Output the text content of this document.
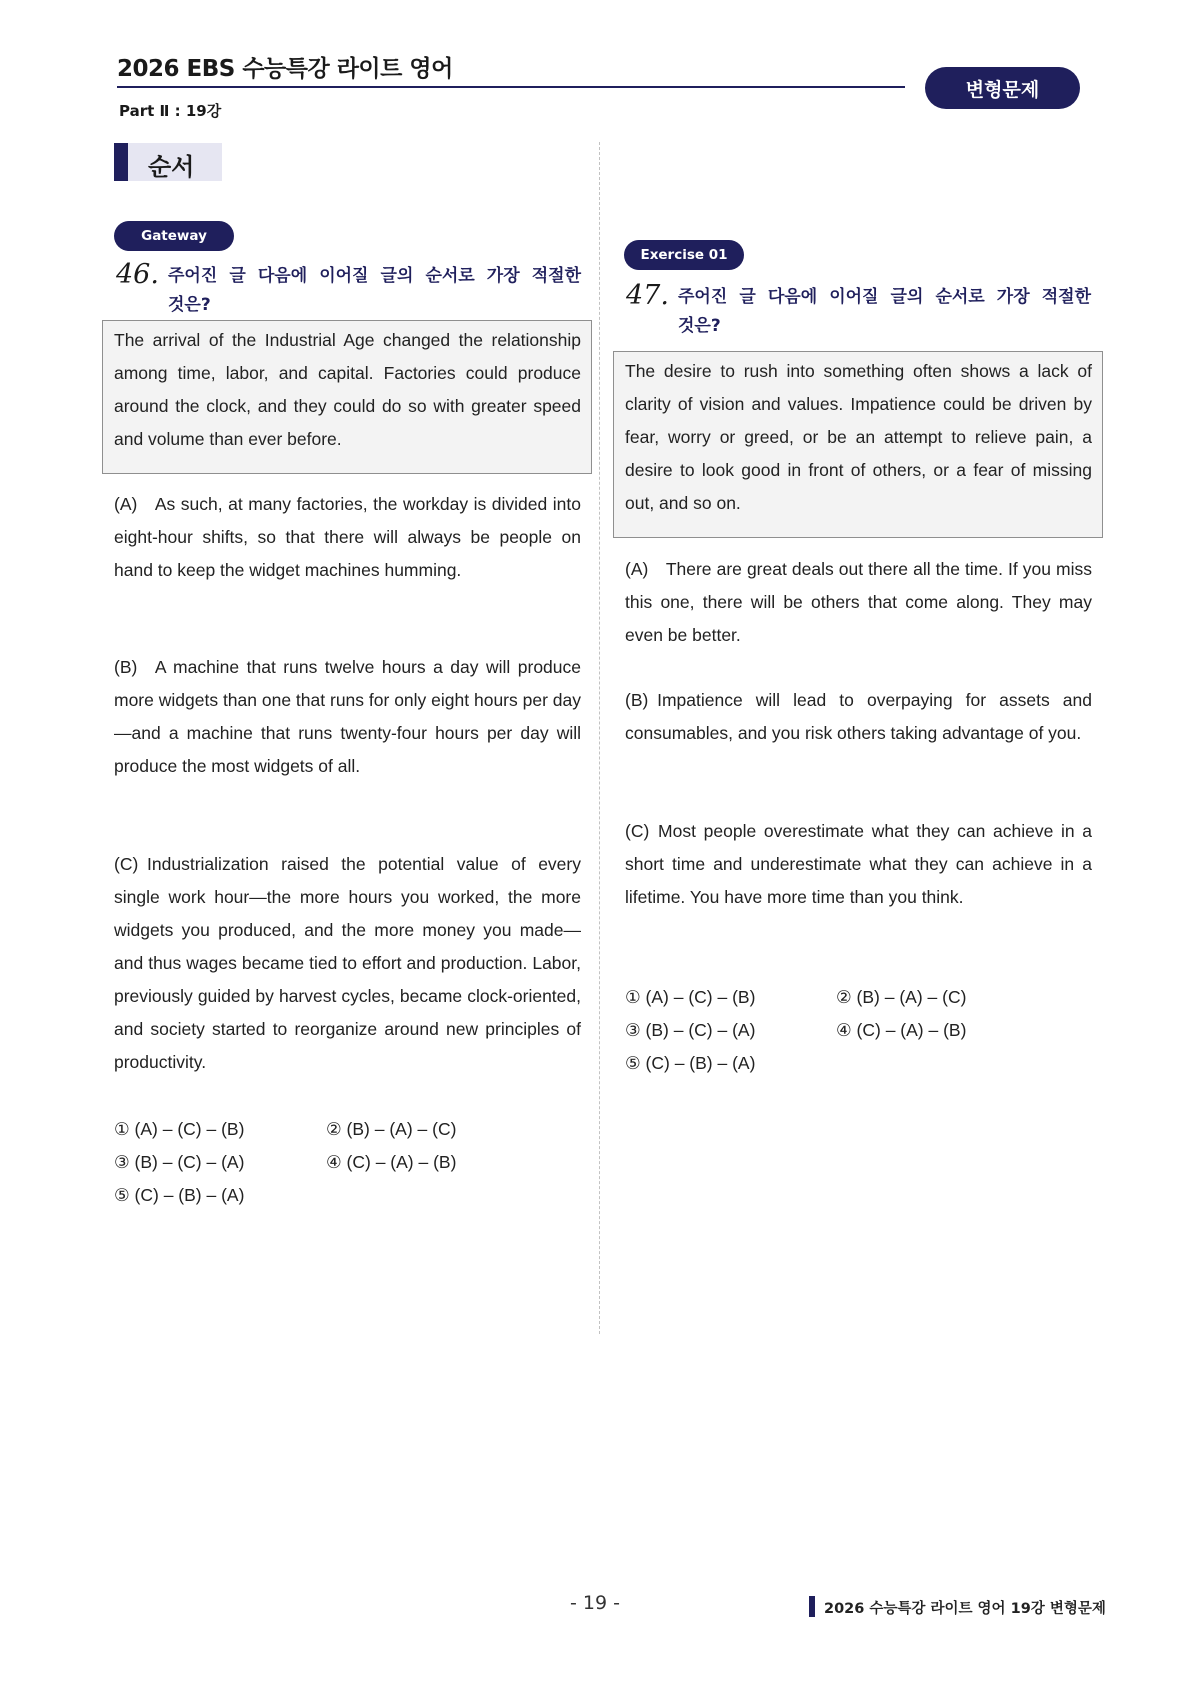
2026 EBS 수능특강 라이트 영어
Part Ⅱ : 19강
변형문제
순서
Gateway
46. 주어진 글 다음에 이어질 글의 순서로 가장 적절한
것은?

The arrival of the Industrial Age changed the relationship among time, labor, and capital. Factories could produce around the clock, and they could do so with greater speed and volume than ever before.

(A) As such, at many factories, the workday is divided into eight-hour shifts, so that there will always be people on hand to keep the widget machines humming.

(B) A machine that runs twelve hours a day will produce more widgets than one that runs for only eight hours per day—and a machine that runs twenty-four hours per day will produce the most widgets of all.

(C) Industrialization raised the potential value of every single work hour—the more hours you worked, the more widgets you produced, and the more money you made—and thus wages became tied to effort and production. Labor, previously guided by harvest cycles, became clock-oriented, and society started to reorganize around new principles of productivity.

① (A) – (C) – (B)	② (B) – (A) – (C)
③ (B) – (C) – (A)	④ (C) – (A) – (B)
⑤ (C) – (B) – (A)
Exercise 01
47. 주어진 글 다음에 이어질 글의 순서로 가장 적절한
것은?

The desire to rush into something often shows a lack of clarity of vision and values. Impatience could be driven by fear, worry or greed, or be an attempt to relieve pain, a desire to look good in front of others, or a fear of missing out, and so on.

(A) There are great deals out there all the time. If you miss this one, there will be others that come along. They may even be better.

(B) Impatience will lead to overpaying for assets and consumables, and you risk others taking advantage of you.

(C) Most people overestimate what they can achieve in a short time and underestimate what they can achieve in a lifetime. You have more time than you think.

① (A) – (C) – (B)	② (B) – (A) – (C)
③ (B) – (C) – (A)	④ (C) – (A) – (B)
⑤ (C) – (B) – (A)
- 19 -	2026 수능특강 라이트 영어 19강 변형문제
